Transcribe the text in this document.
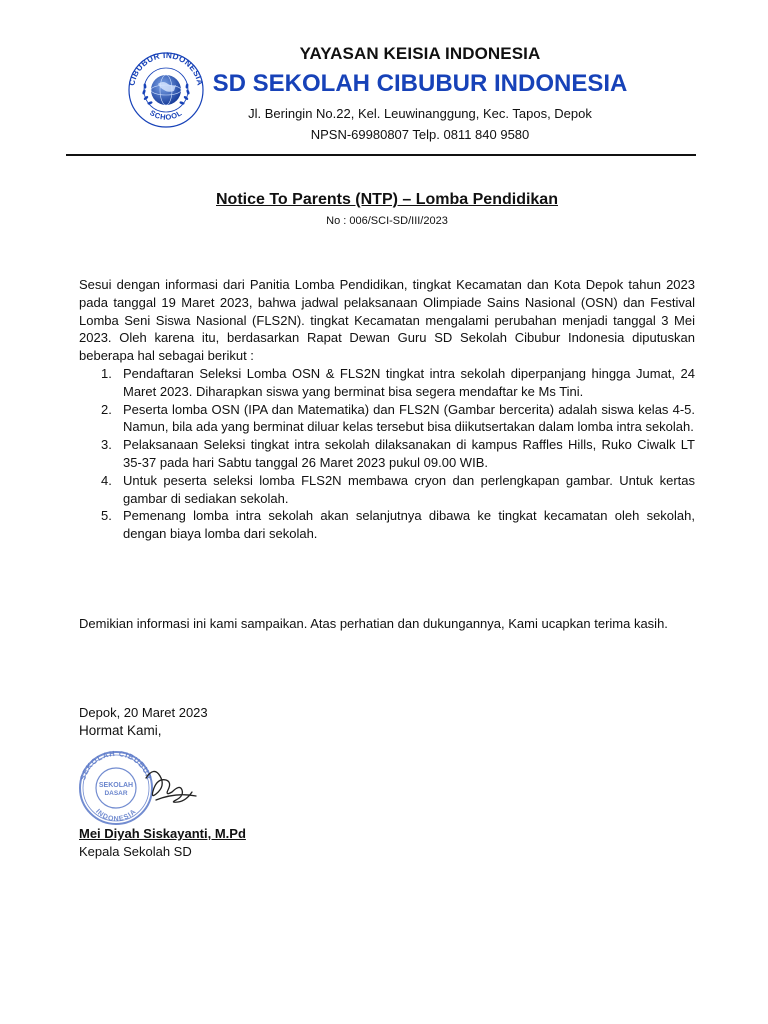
CIBUBUR INDONESIA
SCHOOL
YAYASAN KEISIA INDONESIA
SD SEKOLAH CIBUBUR INDONESIA
Jl. Beringin No.22, Kel. Leuwinanggung, Kec. Tapos, Depok
NPSN-69980807 Telp. 0811 840 9580
Notice To Parents (NTP) – Lomba Pendidikan
No : 006/SCI-SD/III/2023

Sesui dengan informasi dari Panitia Lomba Pendidikan, tingkat Kecamatan dan Kota Depok tahun 2023 pada tanggal 19 Maret 2023, bahwa jadwal pelaksanaan Olimpiade Sains Nasional (OSN) dan Festival Lomba Seni Siswa Nasional (FLS2N). tingkat Kecamatan mengalami perubahan menjadi tanggal 3 Mei 2023. Oleh karena itu, berdasarkan Rapat Dewan Guru SD Sekolah Cibubur Indonesia diputuskan beberapa hal sebagai berikut :

1. Pendaftaran Seleksi Lomba OSN & FLS2N tingkat intra sekolah diperpanjang hingga Jumat, 24 Maret 2023. Diharapkan siswa yang berminat bisa segera mendaftar ke Ms Tini.
2. Peserta lomba OSN (IPA dan Matematika) dan FLS2N (Gambar bercerita) adalah siswa kelas 4-5. Namun, bila ada yang berminat diluar kelas tersebut bisa diikutsertakan dalam lomba intra sekolah.
3. Pelaksanaan Seleksi tingkat intra sekolah dilaksanakan di kampus Raffles Hills, Ruko Ciwalk LT 35-37 pada hari Sabtu tanggal 26 Maret 2023 pukul 09.00 WIB.
4. Untuk peserta seleksi lomba FLS2N membawa cryon dan perlengkapan gambar. Untuk kertas gambar di sediakan sekolah.
5. Pemenang lomba intra sekolah akan selanjutnya dibawa ke tingkat kecamatan oleh sekolah, dengan biaya lomba dari sekolah.
Demikian informasi ini kami sampaikan. Atas perhatian dan dukungannya, Kami ucapkan terima kasih.
Depok, 20 Maret 2023
Hormat Kami,
SEKOLAH CIBUBUR
INDONESIA
SEKOLAH
DASAR
Mei Diyah Siskayanti, M.Pd
Kepala Sekolah SD
